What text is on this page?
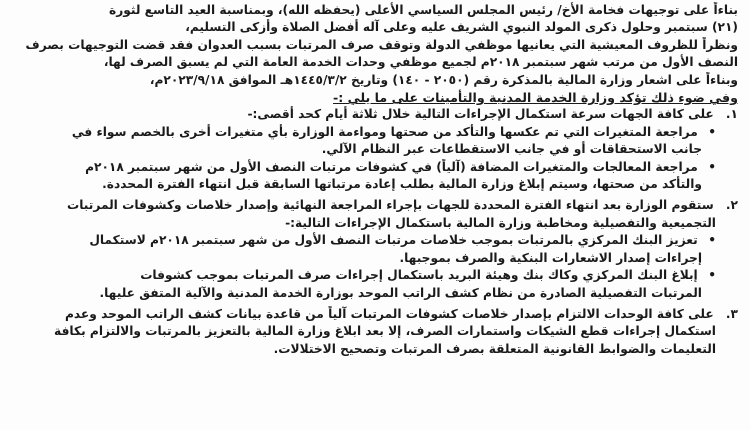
بناءاً على توجيهات فخامة الأخ/ رئيس المجلس السياسي الأعلى (يحفظه الله)، وبمناسبة العيد التاسع لثورة
(٢١) سبتمبر وحلول ذكرى المولد النبوي الشريف عليه وعلى آله أفضل الصلاة وأزكى التسليم،
ونظراً للظروف المعيشية التي يعانيها موظفي الدولة وتوقف صرف المرتبات بسبب العدوان فقد قضت التوجيهات بصرف
النصف الأول من مرتب شهر سبتمبر ٢٠١٨م لجميع موظفي وحدات الخدمة العامة التي لم يسبق الصرف لها،
وبناءاً على اشعار وزارة المالية بالمذكرة رقم (٢٠٥٠ - ١٤٠) وتاريخ ١٤٤٥/٣/٢هـ الموافق ٢٠٢٣/٩/١٨م،
وفي ضوء ذلك تؤكد وزارة الخدمة المدنية والتأمينات على ما يلي :-
١. على كافة الجهات سرعة استكمال الإجراءات التالية خلال ثلاثة أيام كحد أقصى:-
• مراجعة المتغيرات التي تم عكسها والتأكد من صحتها ومواءمة الوزارة بأي متغيرات أخرى بالخصم سواء في
جانب الاستحقاقات أو في جانب الاستقطاعات عبر النظام الآلي.
• مراجعة المعالجات والمتغيرات المضافة (آلياً) في كشوفات مرتبات النصف الأول من شهر سبتمبر ٢٠١٨م
والتأكد من صحتها، وسيتم إبلاغ وزارة المالية بطلب إعادة مرتباتها السابقة قبل انتهاء الفترة المحددة.
٢. ستقوم الوزارة بعد انتهاء الفترة المحددة للجهات بإجراء المراجعة النهائية وإصدار خلاصات وكشوفات المرتبات
التجميعية والتفصيلية ومخاطبة وزارة المالية باستكمال الإجراءات التالية:-
• تعزيز البنك المركزي بالمرتبات بموجب خلاصات مرتبات النصف الأول من شهر سبتمبر ٢٠١٨م لاستكمال
إجراءات إصدار الاشعارات البنكية والصرف بموجبها.
• إبلاغ البنك المركزي وكاك بنك وهيئة البريد باستكمال إجراءات صرف المرتبات بموجب كشوفات
المرتبات التفصيلية الصادرة من نظام كشف الراتب الموحد بوزارة الخدمة المدنية والآلية المتفق عليها.
٣. على كافة الوحدات الالتزام بإصدار خلاصات كشوفات المرتبات آلياً من قاعدة بيانات كشف الراتب الموحد وعدم
استكمال إجراءات قطع الشيكات واستمارات الصرف، إلا بعد ابلاغ وزارة المالية بالتعزيز بالمرتبات والالتزام بكافة
التعليمات والضوابط القانونية المتعلقة بصرف المرتبات وتصحيح الاختلالات.
